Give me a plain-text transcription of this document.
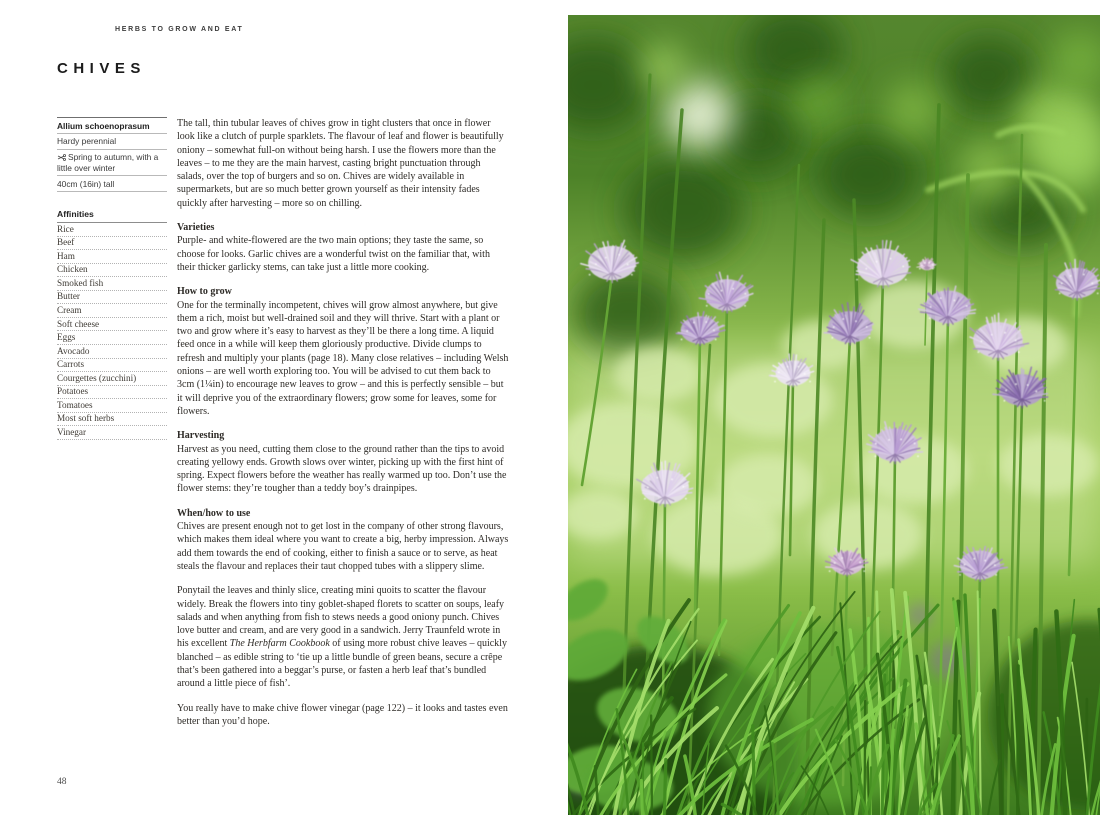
HERBS TO GROW AND EAT
CHIVES
Allium schoenoprasum
Hardy perennial
Spring to autumn, with a little over winter
40cm (16in) tall
Affinities
Rice
Beef
Ham
Chicken
Smoked fish
Butter
Cream
Soft cheese
Eggs
Avocado
Carrots
Courgettes (zucchini)
Potatoes
Tomatoes
Most soft herbs
Vinegar

The tall, thin tubular leaves of chives grow in tight clusters that once in flower look like a clutch of purple sparklets. The flavour of leaf and flower is beautifully oniony – somewhat full-on without being harsh. I use the flowers more than the leaves – to me they are the main harvest, casting bright punctuation through salads, over the top of burgers and so on. Chives are widely available in supermarkets, but are so much better grown yourself as their intensity fades quickly after harvesting – more so on chilling.

Varieties

Purple- and white-flowered are the two main options; they taste the same, so choose for looks. Garlic chives are a wonderful twist on the familiar that, with their thicker garlicky stems, can take just a little more cooking.

How to grow

One for the terminally incompetent, chives will grow almost anywhere, but give them a rich, moist but well-drained soil and they will thrive. Start with a plant or two and grow where it’s easy to harvest as they’ll be there a long time. A liquid feed once in a while will keep them gloriously productive. Divide clumps to refresh and multiply your plants (page 18). Many close relatives – including Welsh onions – are well worth exploring too. You will be advised to cut them back to 3cm (1¼in) to encourage new leaves to grow – and this is perfectly sensible – but it will deprive you of the extraordinary flowers; grow some for leaves, some for flowers.

Harvesting

Harvest as you need, cutting them close to the ground rather than the tips to avoid creating yellowy ends. Growth slows over winter, picking up with the first hint of spring. Expect flowers before the weather has really warmed up too. Don’t use the flower stems: they’re tougher than a teddy boy’s drainpipes.

When/how to use

Chives are present enough not to get lost in the company of other strong flavours, which makes them ideal where you want to create a big, herby impression. Always add them towards the end of cooking, either to finish a sauce or to serve, as heat steals the flavour and replaces their taut chopped tubes with a slippery slime.

Ponytail the leaves and thinly slice, creating mini quoits to scatter the flavour widely. Break the flowers into tiny goblet-shaped florets to scatter on soups, leafy salads and when anything from fish to stews needs a good oniony punch. Chives love butter and cream, and are very good in a sandwich. Jerry Traunfeld wrote in his excellent The Herbfarm Cookbook of using more robust chive leaves – quickly blanched – as edible string to ‘tie up a little bundle of green beans, secure a crêpe that’s been gathered into a beggar’s purse, or fasten a herb leaf that’s bundled around a little piece of fish’.

You really have to make chive flower vinegar (page 122) – it looks and tastes even better than you’d hope.

48
